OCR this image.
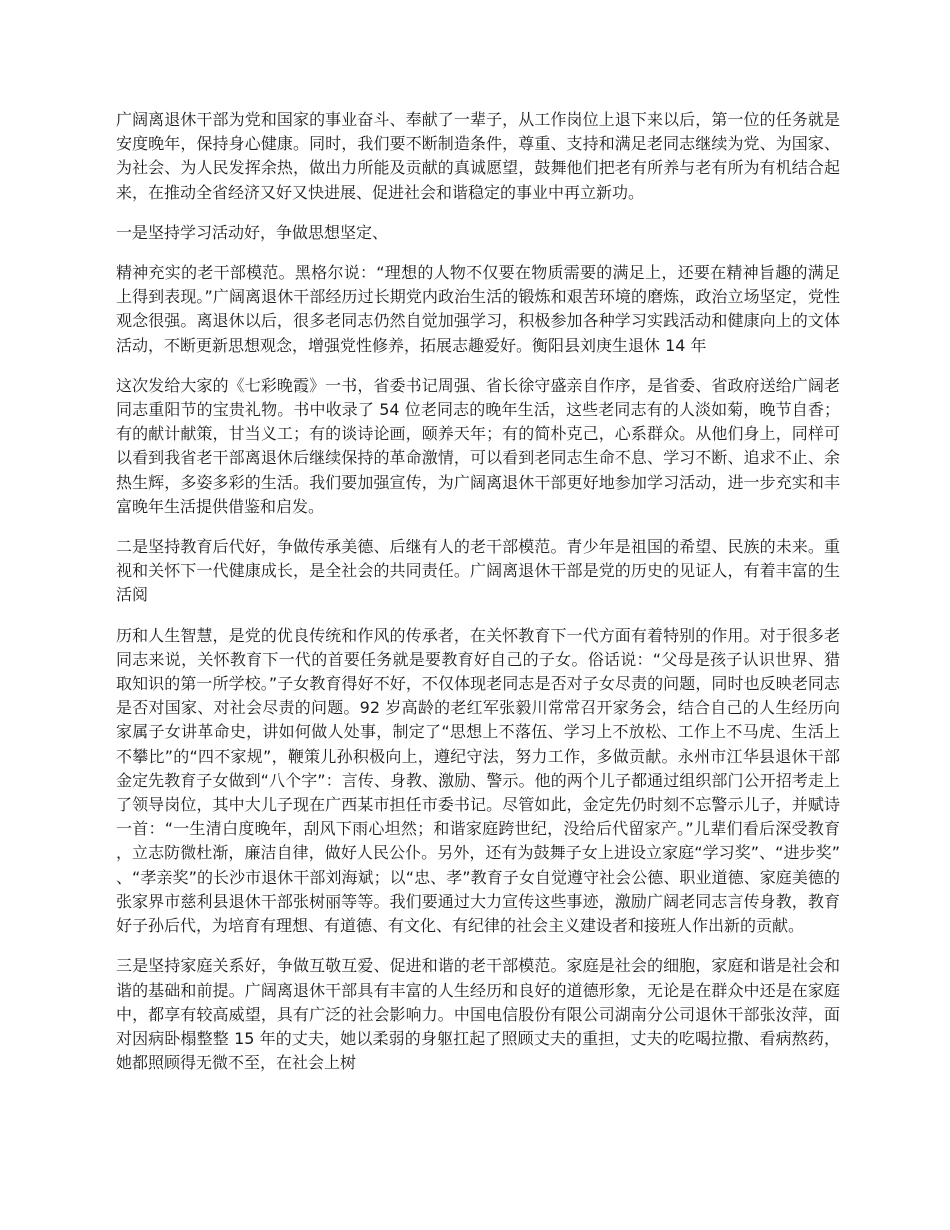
广阔离退休干部为党和国家的事业奋斗、奉献了一辈子，从工作岗位上退下来以后，第一位的任务就是安度晚年，保持身心健康。同时，我们要不断制造条件，尊重、支持和满足老同志继续为党、为国家、为社会、为人民发挥余热，做出力所能及贡献的真诚愿望，鼓舞他们把老有所养与老有所为有机结合起来，在推动全省经济又好又快进展、促进社会和谐稳定的事业中再立新功。

一是坚持学习活动好，争做思想坚定、

精神充实的老干部模范。黑格尔说：“理想的人物不仅要在物质需要的满足上，还要在精神旨趣的满足上得到表现。”广阔离退休干部经历过长期党内政治生活的锻炼和艰苦环境的磨炼，政治立场坚定，党性观念很强。离退休以后，很多老同志仍然自觉加强学习，积极参加各种学习实践活动和健康向上的文体活动，不断更新思想观念，增强党性修养，拓展志趣爱好。衡阳县刘庚生退休 14 年

这次发给大家的《七彩晚霞》一书，省委书记周强、省长徐守盛亲自作序，是省委、省政府送给广阔老同志重阳节的宝贵礼物。书中收录了 54 位老同志的晚年生活，这些老同志有的人淡如菊，晚节自香；有的献计献策，甘当义工；有的谈诗论画，颐养天年；有的简朴克己，心系群众。从他们身上，同样可以看到我省老干部离退休后继续保持的革命激情，可以看到老同志生命不息、学习不断、追求不止、余热生辉，多姿多彩的生活。我们要加强宣传，为广阔离退休干部更好地参加学习活动，进一步充实和丰富晚年生活提供借鉴和启发。

二是坚持教育后代好，争做传承美德、后继有人的老干部模范。青少年是祖国的希望、民族的未来。重视和关怀下一代健康成长，是全社会的共同责任。广阔离退休干部是党的历史的见证人，有着丰富的生活阅

历和人生智慧，是党的优良传统和作风的传承者，在关怀教育下一代方面有着特别的作用。对于很多老同志来说，关怀教育下一代的首要任务就是要教育好自己的子女。俗话说：“父母是孩子认识世界、猎取知识的第一所学校。”子女教育得好不好，不仅体现老同志是否对子女尽责的问题，同时也反映老同志是否对国家、对社会尽责的问题。92 岁高龄的老红军张毅川常常召开家务会，结合自己的人生经历向家属子女讲革命史，讲如何做人处事，制定了“思想上不落伍、学习上不放松、工作上不马虎、生活上不攀比”的“四不家规”，鞭策儿孙积极向上，遵纪守法，努力工作，多做贡献。永州市江华县退休干部金定先教育子女做到“八个字”：言传、身教、激励、警示。他的两个儿子都通过组织部门公开招考走上了领导岗位，其中大儿子现在广西某市担任市委书记。尽管如此，金定先仍时刻不忘警示儿子，并赋诗一首：“一生清白度晚年，刮风下雨心坦然；和谐家庭跨世纪，没给后代留家产。”儿辈们看后深受教育，立志防微杜渐，廉洁自律，做好人民公仆。另外，还有为鼓舞子女上进设立家庭“学习奖”、“进步奖”、“孝亲奖”的长沙市退休干部刘海斌；以“忠、孝”教育子女自觉遵守社会公德、职业道德、家庭美德的张家界市慈利县退休干部张树丽等等。我们要通过大力宣传这些事迹，激励广阔老同志言传身教，教育好子孙后代，为培育有理想、有道德、有文化、有纪律的社会主义建设者和接班人作出新的贡献。

三是坚持家庭关系好，争做互敬互爱、促进和谐的老干部模范。家庭是社会的细胞，家庭和谐是社会和谐的基础和前提。广阔离退休干部具有丰富的人生经历和良好的道德形象，无论是在群众中还是在家庭中，都享有较高威望，具有广泛的社会影响力。中国电信股份有限公司湖南分公司退休干部张汝萍，面对因病卧榻整整 15 年的丈夫，她以柔弱的身躯扛起了照顾丈夫的重担，丈夫的吃喝拉撒、看病熬药，她都照顾得无微不至，在社会上树
